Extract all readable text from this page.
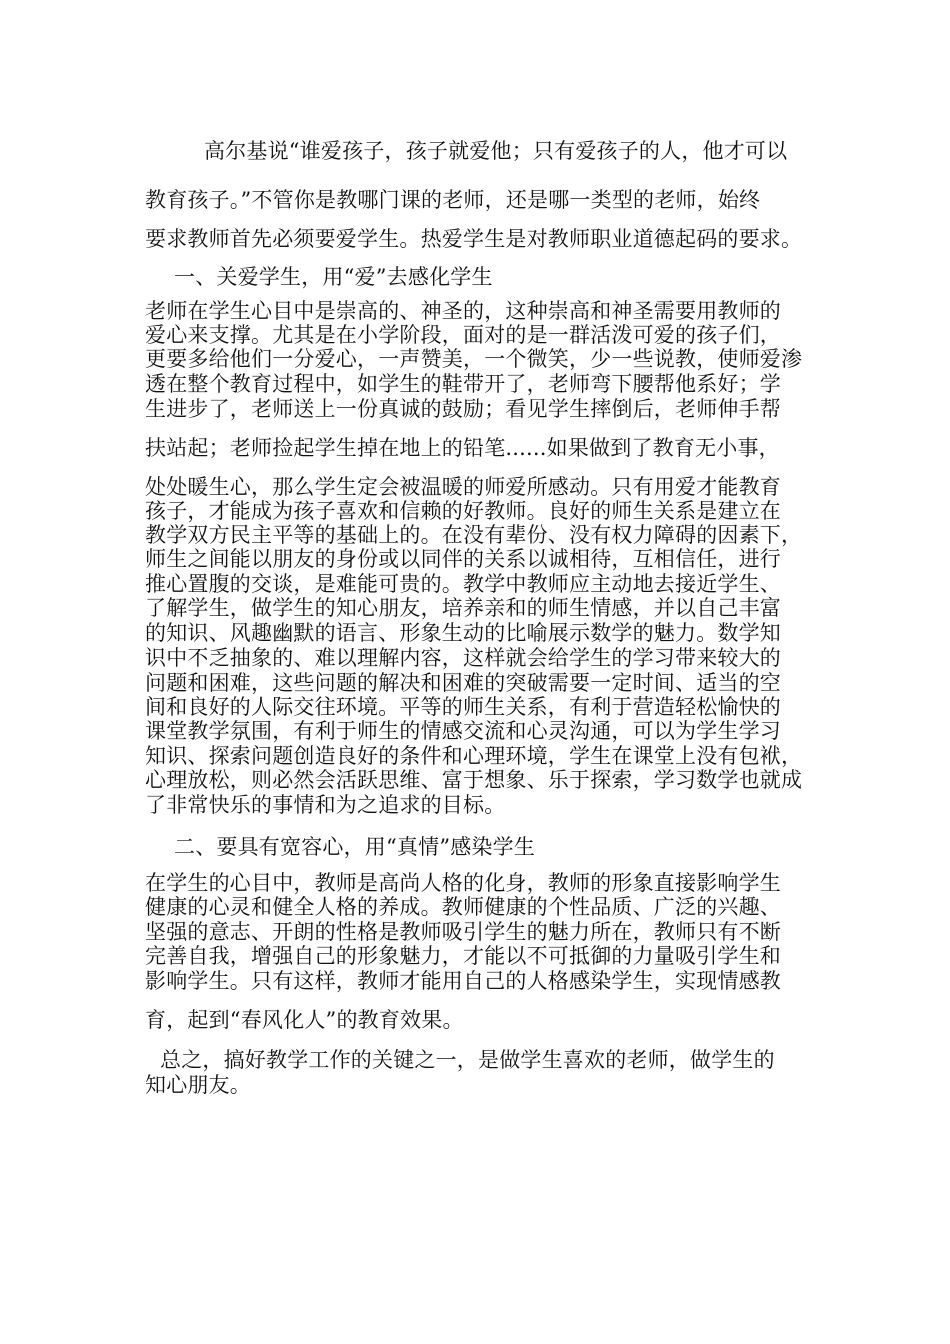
高尔基说“谁爱孩子，孩子就爱他；只有爱孩子的人，他才可以
教育孩子。”不管你是教哪门课的老师，还是哪一类型的老师，始终
要求教师首先必须要爱学生。热爱学生是对教师职业道德起码的要求。
一、关爱学生，用“爱”去感化学生
老师在学生心目中是崇高的、神圣的，这种崇高和神圣需要用教师的
爱心来支撑。尤其是在小学阶段，面对的是一群活泼可爱的孩子们，
更要多给他们一分爱心，一声赞美，一个微笑，少一些说教，使师爱渗
透在整个教育过程中，如学生的鞋带开了，老师弯下腰帮他系好；学
生进步了，老师送上一份真诚的鼓励；看见学生摔倒后，老师伸手帮
扶站起；老师捡起学生掉在地上的铅笔......如果做到了教育无小事，
处处暖生心，那么学生定会被温暖的师爱所感动。只有用爱才能教育
孩子，才能成为孩子喜欢和信赖的好教师。良好的师生关系是建立在
教学双方民主平等的基础上的。在没有辈份、没有权力障碍的因素下，
师生之间能以朋友的身份或以同伴的关系以诚相待，互相信任，进行
推心置腹的交谈，是难能可贵的。教学中教师应主动地去接近学生、
了解学生，做学生的知心朋友，培养亲和的师生情感，并以自己丰富
的知识、风趣幽默的语言、形象生动的比喻展示数学的魅力。数学知
识中不乏抽象的、难以理解内容，这样就会给学生的学习带来较大的
问题和困难，这些问题的解决和困难的突破需要一定时间、适当的空
间和良好的人际交往环境。平等的师生关系，有利于营造轻松愉快的
课堂教学氛围，有利于师生的情感交流和心灵沟通，可以为学生学习
知识、探索问题创造良好的条件和心理环境，学生在课堂上没有包袱，
心理放松，则必然会活跃思维、富于想象、乐于探索，学习数学也就成
了非常快乐的事情和为之追求的目标。
二、要具有宽容心，用“真情”感染学生
在学生的心目中，教师是高尚人格的化身，教师的形象直接影响学生
健康的心灵和健全人格的养成。教师健康的个性品质、广泛的兴趣、
坚强的意志、开朗的性格是教师吸引学生的魅力所在，教师只有不断
完善自我，增强自己的形象魅力，才能以不可抵御的力量吸引学生和
影响学生。只有这样，教师才能用自己的人格感染学生，实现情感教
育，起到“春风化人”的教育效果。
总之，搞好教学工作的关键之一，是做学生喜欢的老师，做学生的
知心朋友。
